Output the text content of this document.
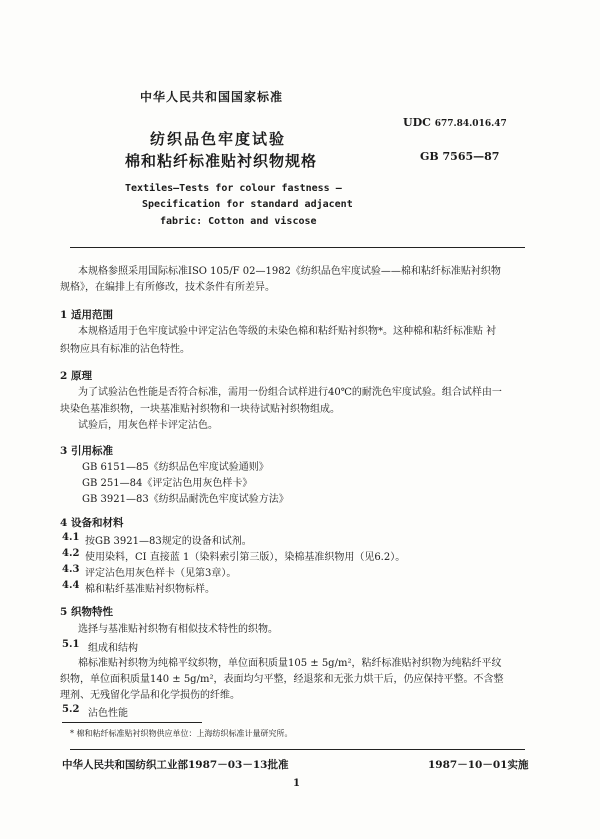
中华人民共和国国家标准
纺织品色牢度试验
棉和粘纤标准贴衬织物规格
UDC 677.84.016.47
GB 7565—87
Textiles—Tests for colour fastness —
Specification for standard adjacent
fabric: Cotton and viscose
本规格参照采用国际标准ISO 105/F 02—1982《纺织品色牢度试验——棉和粘纤标准贴衬织物
规格》，在编排上有所修改，技术条件有所差异。
1 适用范围
本规格适用于色牢度试验中评定沾色等级的未染色棉和粘纤贴衬织物*。这种棉和粘纤标准贴 衬
织物应具有标准的沾色特性。
2 原理
为了试验沾色性能是否符合标准，需用一份组合试样进行40℃的耐洗色牢度试验。组合试样由一
块染色基准织物，一块基准贴衬织物和一块待试贴衬织物组成。
试验后，用灰色样卡评定沾色。
3 引用标准
GB 6151—85《纺织品色牢度试验通则》
GB 251—84《评定沾色用灰色样卡》
GB 3921—83《纺织品耐洗色牢度试验方法》
4 设备和材料
4.1 按GB 3921—83规定的设备和试剂。
4.2 使用染料，CI 直接蓝 1（染料索引第三版），染棉基准织物用（见6.2）。
4.3 评定沾色用灰色样卡（见第3章）。
4.4 棉和粘纤基准贴衬织物标样。
5 织物特性
选择与基准贴衬织物有相似技术特性的织物。
5.1 组成和结构
棉标准贴衬织物为纯棉平纹织物，单位面积质量105 ± 5g/m²，粘纤标准贴衬织物为纯粘纤平纹
织物，单位面积质量140 ± 5g/m²，表面均匀平整，经退浆和无张力烘干后，仍应保持平整。不含整
理剂、无残留化学品和化学损伤的纤维。
5.2 沾色性能
* 棉和粘纤标准贴衬织物供应单位：上海纺织标准计量研究所。
中华人民共和国纺织工业部1987－03－13批准	1987－10－01实施
1
